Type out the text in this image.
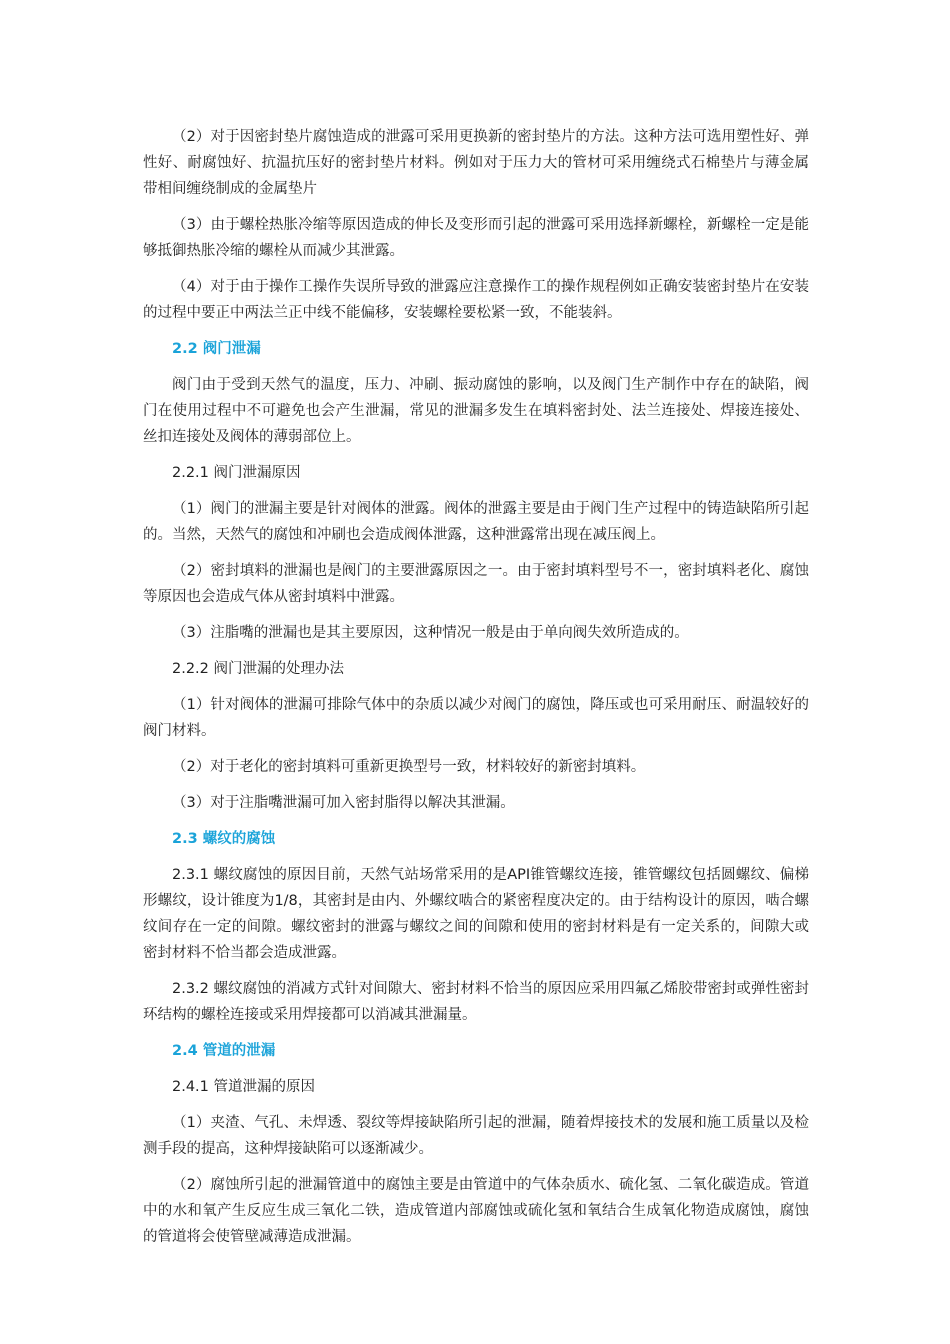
（2）对于因密封垫片腐蚀造成的泄露可采用更换新的密封垫片的方法。这种方法可选用塑性好、弹性好、耐腐蚀好、抗温抗压好的密封垫片材料。例如对于压力大的管材可采用缠绕式石棉垫片与薄金属带相间缠绕制成的金属垫片

（3）由于螺栓热胀冷缩等原因造成的伸长及变形而引起的泄露可采用选择新螺栓，新螺栓一定是能够抵御热胀冷缩的螺栓从而减少其泄露。

（4）对于由于操作工操作失误所导致的泄露应注意操作工的操作规程例如正确安装密封垫片在安装的过程中要正中两法兰正中线不能偏移，安装螺栓要松紧一致，不能装斜。

2.2 阀门泄漏

阀门由于受到天然气的温度，压力、冲刷、振动腐蚀的影响，以及阀门生产制作中存在的缺陷，阀门在使用过程中不可避免也会产生泄漏，常见的泄漏多发生在填料密封处、法兰连接处、焊接连接处、丝扣连接处及阀体的薄弱部位上。

2.2.1 阀门泄漏原因

（1）阀门的泄漏主要是针对阀体的泄露。阀体的泄露主要是由于阀门生产过程中的铸造缺陷所引起的。当然，天然气的腐蚀和冲刷也会造成阀体泄露，这种泄露常出现在减压阀上。

（2）密封填料的泄漏也是阀门的主要泄露原因之一。由于密封填料型号不一，密封填料老化、腐蚀等原因也会造成气体从密封填料中泄露。

（3）注脂嘴的泄漏也是其主要原因，这种情况一般是由于单向阀失效所造成的。

2.2.2 阀门泄漏的处理办法

（1）针对阀体的泄漏可排除气体中的杂质以减少对阀门的腐蚀，降压或也可采用耐压、耐温较好的阀门材料。

（2）对于老化的密封填料可重新更换型号一致，材料较好的新密封填料。

（3）对于注脂嘴泄漏可加入密封脂得以解决其泄漏。

2.3 螺纹的腐蚀

2.3.1 螺纹腐蚀的原因目前，天然气站场常采用的是API锥管螺纹连接，锥管螺纹包括圆螺纹、偏梯形螺纹，设计锥度为1/8，其密封是由内、外螺纹啮合的紧密程度决定的。由于结构设计的原因，啮合螺纹间存在一定的间隙。螺纹密封的泄露与螺纹之间的间隙和使用的密封材料是有一定关系的，间隙大或密封材料不恰当都会造成泄露。

2.3.2 螺纹腐蚀的消减方式针对间隙大、密封材料不恰当的原因应采用四氟乙烯胶带密封或弹性密封环结构的螺栓连接或采用焊接都可以消减其泄漏量。

2.4 管道的泄漏

2.4.1 管道泄漏的原因

（1）夹渣、气孔、未焊透、裂纹等焊接缺陷所引起的泄漏，随着焊接技术的发展和施工质量以及检测手段的提高，这种焊接缺陷可以逐渐减少。

（2）腐蚀所引起的泄漏管道中的腐蚀主要是由管道中的气体杂质水、硫化氢、二氧化碳造成。管道中的水和氧产生反应生成三氧化二铁，造成管道内部腐蚀或硫化氢和氧结合生成氧化物造成腐蚀，腐蚀的管道将会使管壁减薄造成泄漏。
